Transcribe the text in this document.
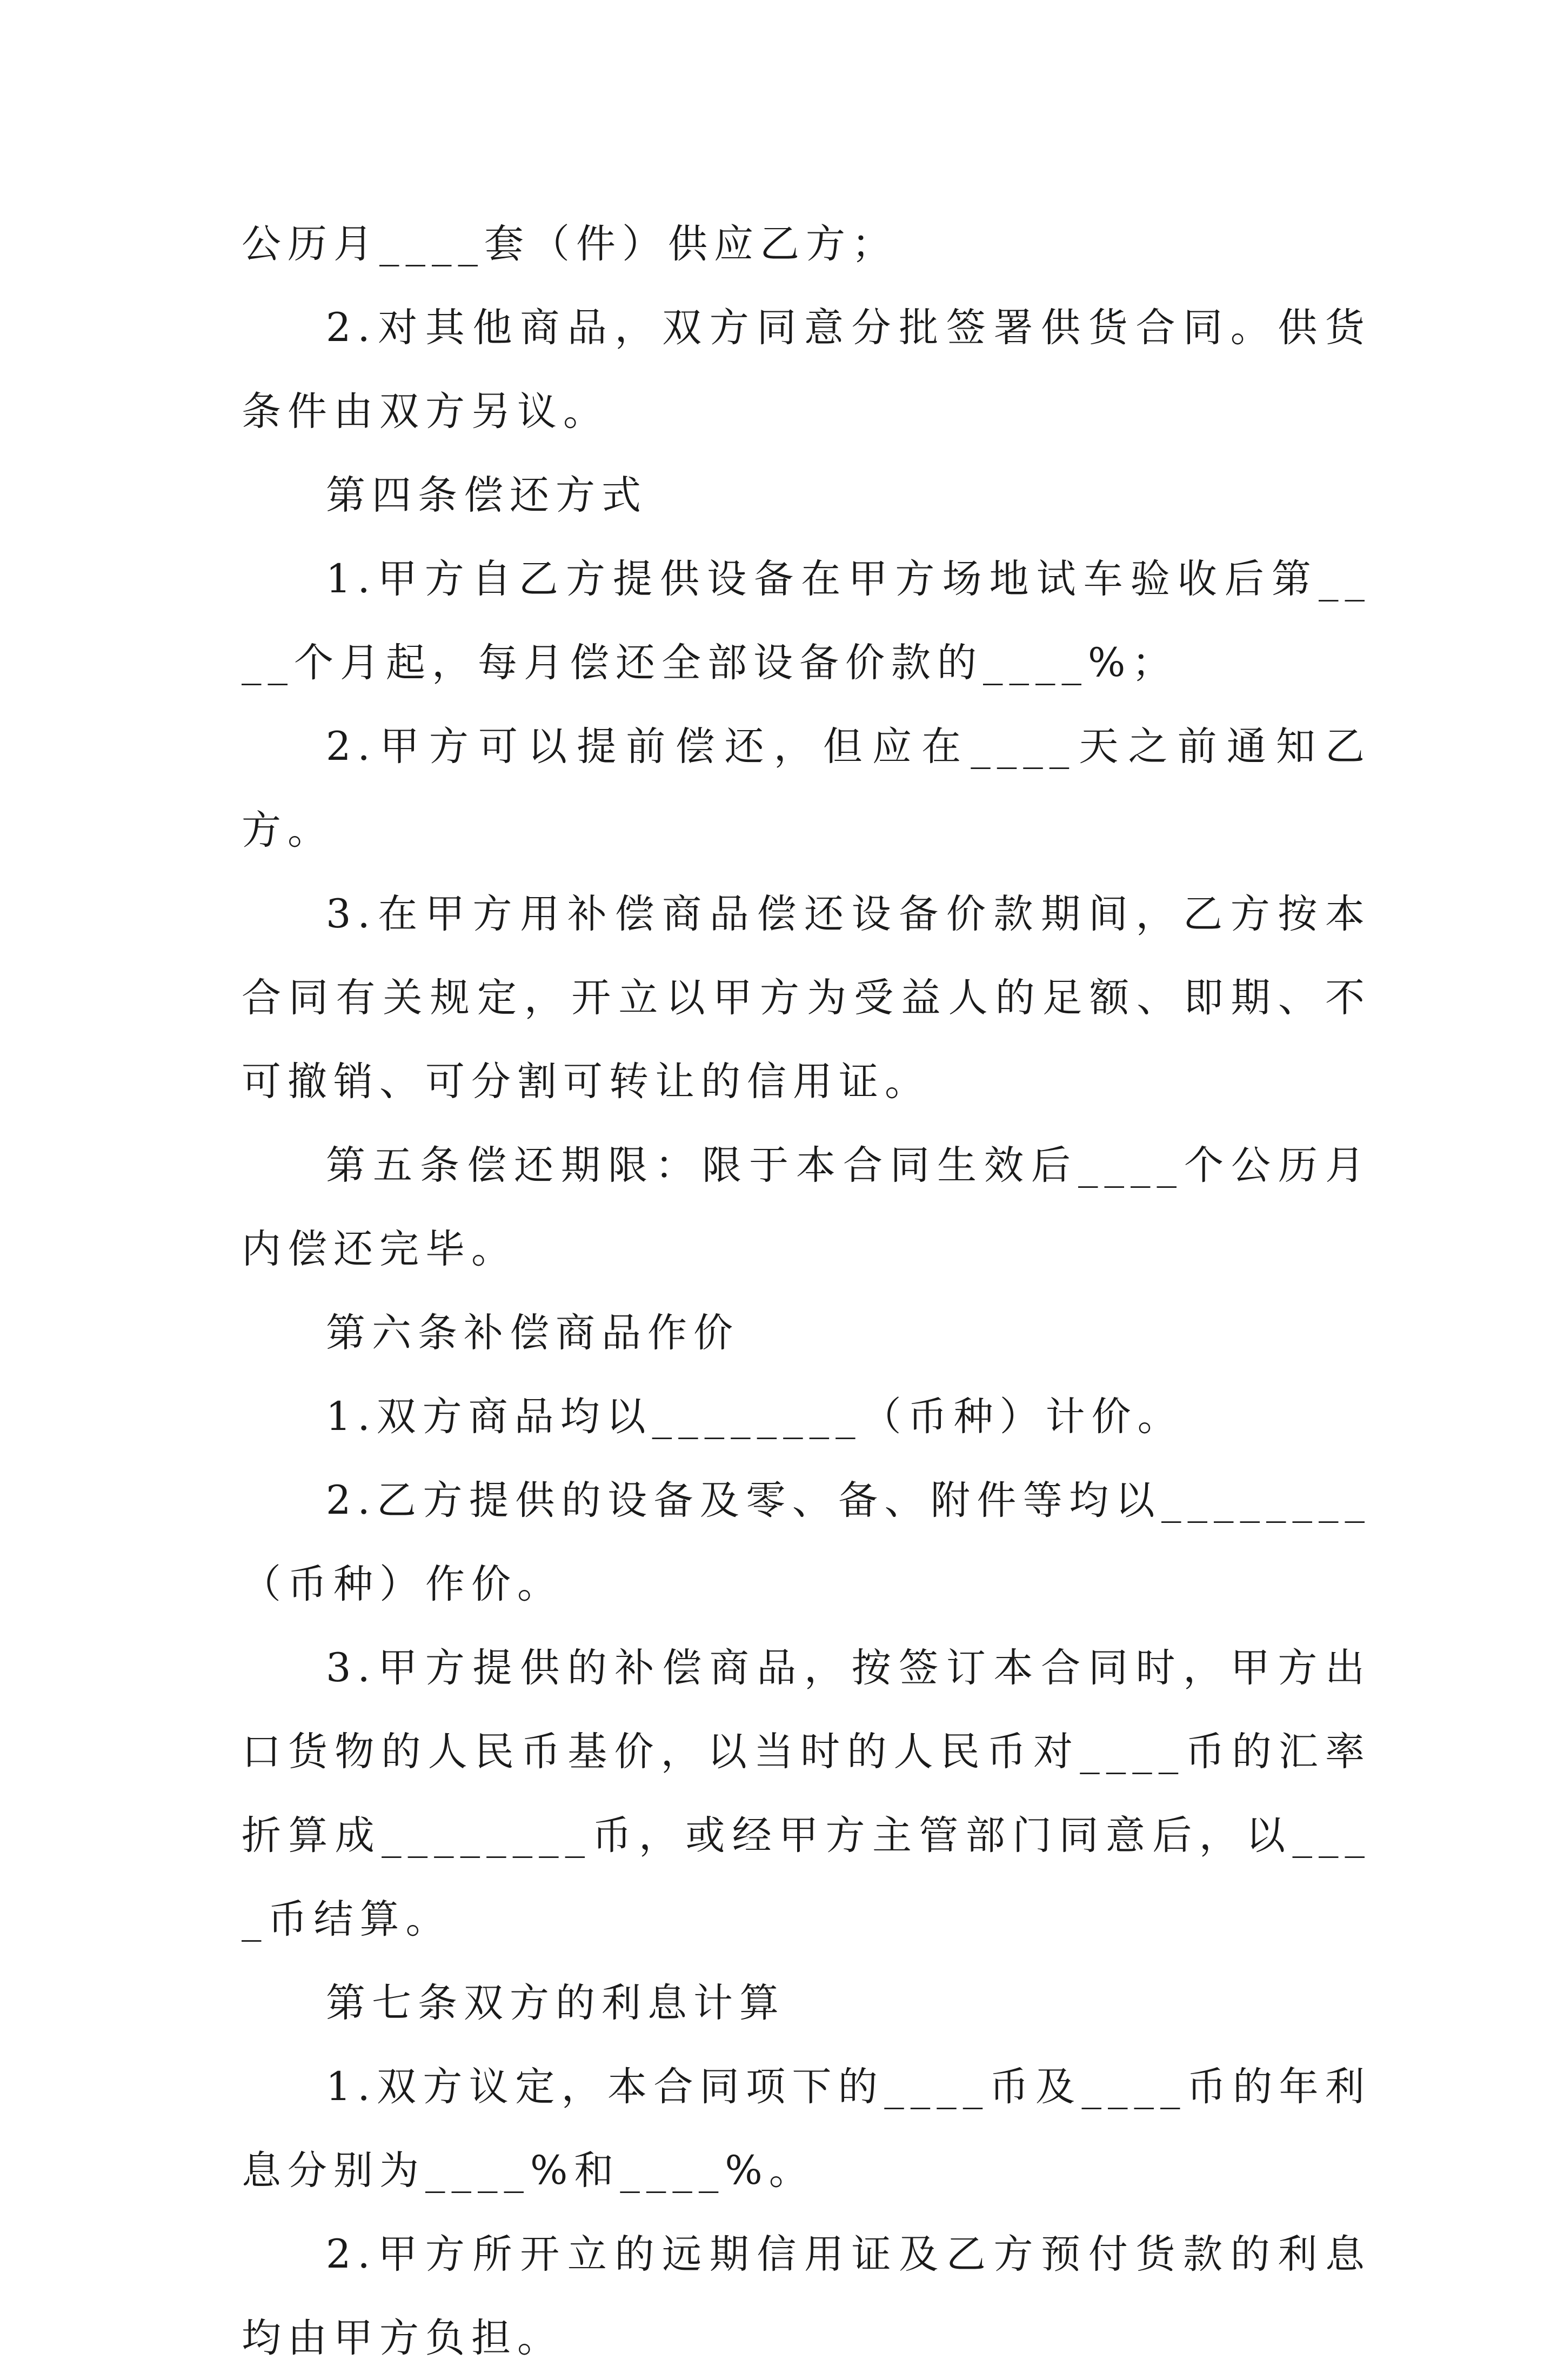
公历月____套（件）供应乙方；

2.对其他商品，双方同意分批签署供货合同。供货条件由双方另议。

第四条偿还方式

1.甲方自乙方提供设备在甲方场地试车验收后第____个月起，每月偿还全部设备价款的____%；

2.甲方可以提前偿还，但应在____天之前通知乙方。

3.在甲方用补偿商品偿还设备价款期间，乙方按本合同有关规定，开立以甲方为受益人的足额、即期、不可撤销、可分割可转让的信用证。

第五条偿还期限：限于本合同生效后____个公历月内偿还完毕。

第六条补偿商品作价

1.双方商品均以________（币种）计价。

2.乙方提供的设备及零、备、附件等均以________（币种）作价。

3.甲方提供的补偿商品，按签订本合同时，甲方出口货物的人民币基价，以当时的人民币对____币的汇率折算成________币，或经甲方主管部门同意后，以____币结算。

第七条双方的利息计算

1.双方议定，本合同项下的____币及____币的年利息分别为____%和____%。

2.甲方所开立的远期信用证及乙方预付货款的利息均由甲方负担。
